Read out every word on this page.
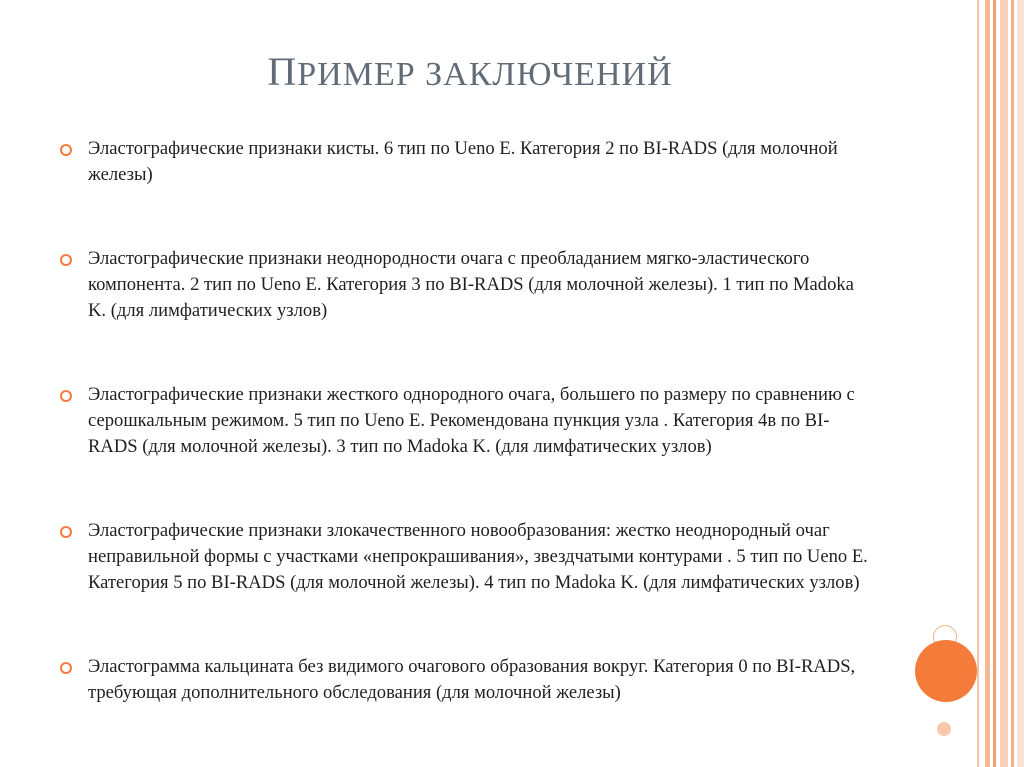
ПРИМЕР ЗАКЛЮЧЕНИЙ
Эластографические признаки кисты. 6 тип по Ueno E. Категория 2 по BI-RADS (для молочной железы)
Эластографические признаки неоднородности очага с преобладанием мягко-эластического компонента. 2 тип по Ueno E. Категория 3 по BI-RADS (для молочной железы). 1 тип по Madoka K. (для лимфатических узлов)
Эластографические признаки жесткого однородного очага, большего по размеру по сравнению с серошкальным режимом. 5 тип по Ueno E. Рекомендована пункция узла . Категория 4в по BI-RADS (для молочной железы). 3 тип по Madoka K. (для лимфатических узлов)
Эластографические признаки злокачественного новообразования: жестко неоднородный очаг неправильной формы с участками «непрокрашивания», звездчатыми контурами . 5 тип по Ueno E. Категория 5 по BI-RADS (для молочной железы). 4 тип по Madoka K. (для лимфатических узлов)
Эластограмма кальцината без видимого очагового образования вокруг. Категория 0 по BI-RADS, требующая дополнительного обследования (для молочной железы)
